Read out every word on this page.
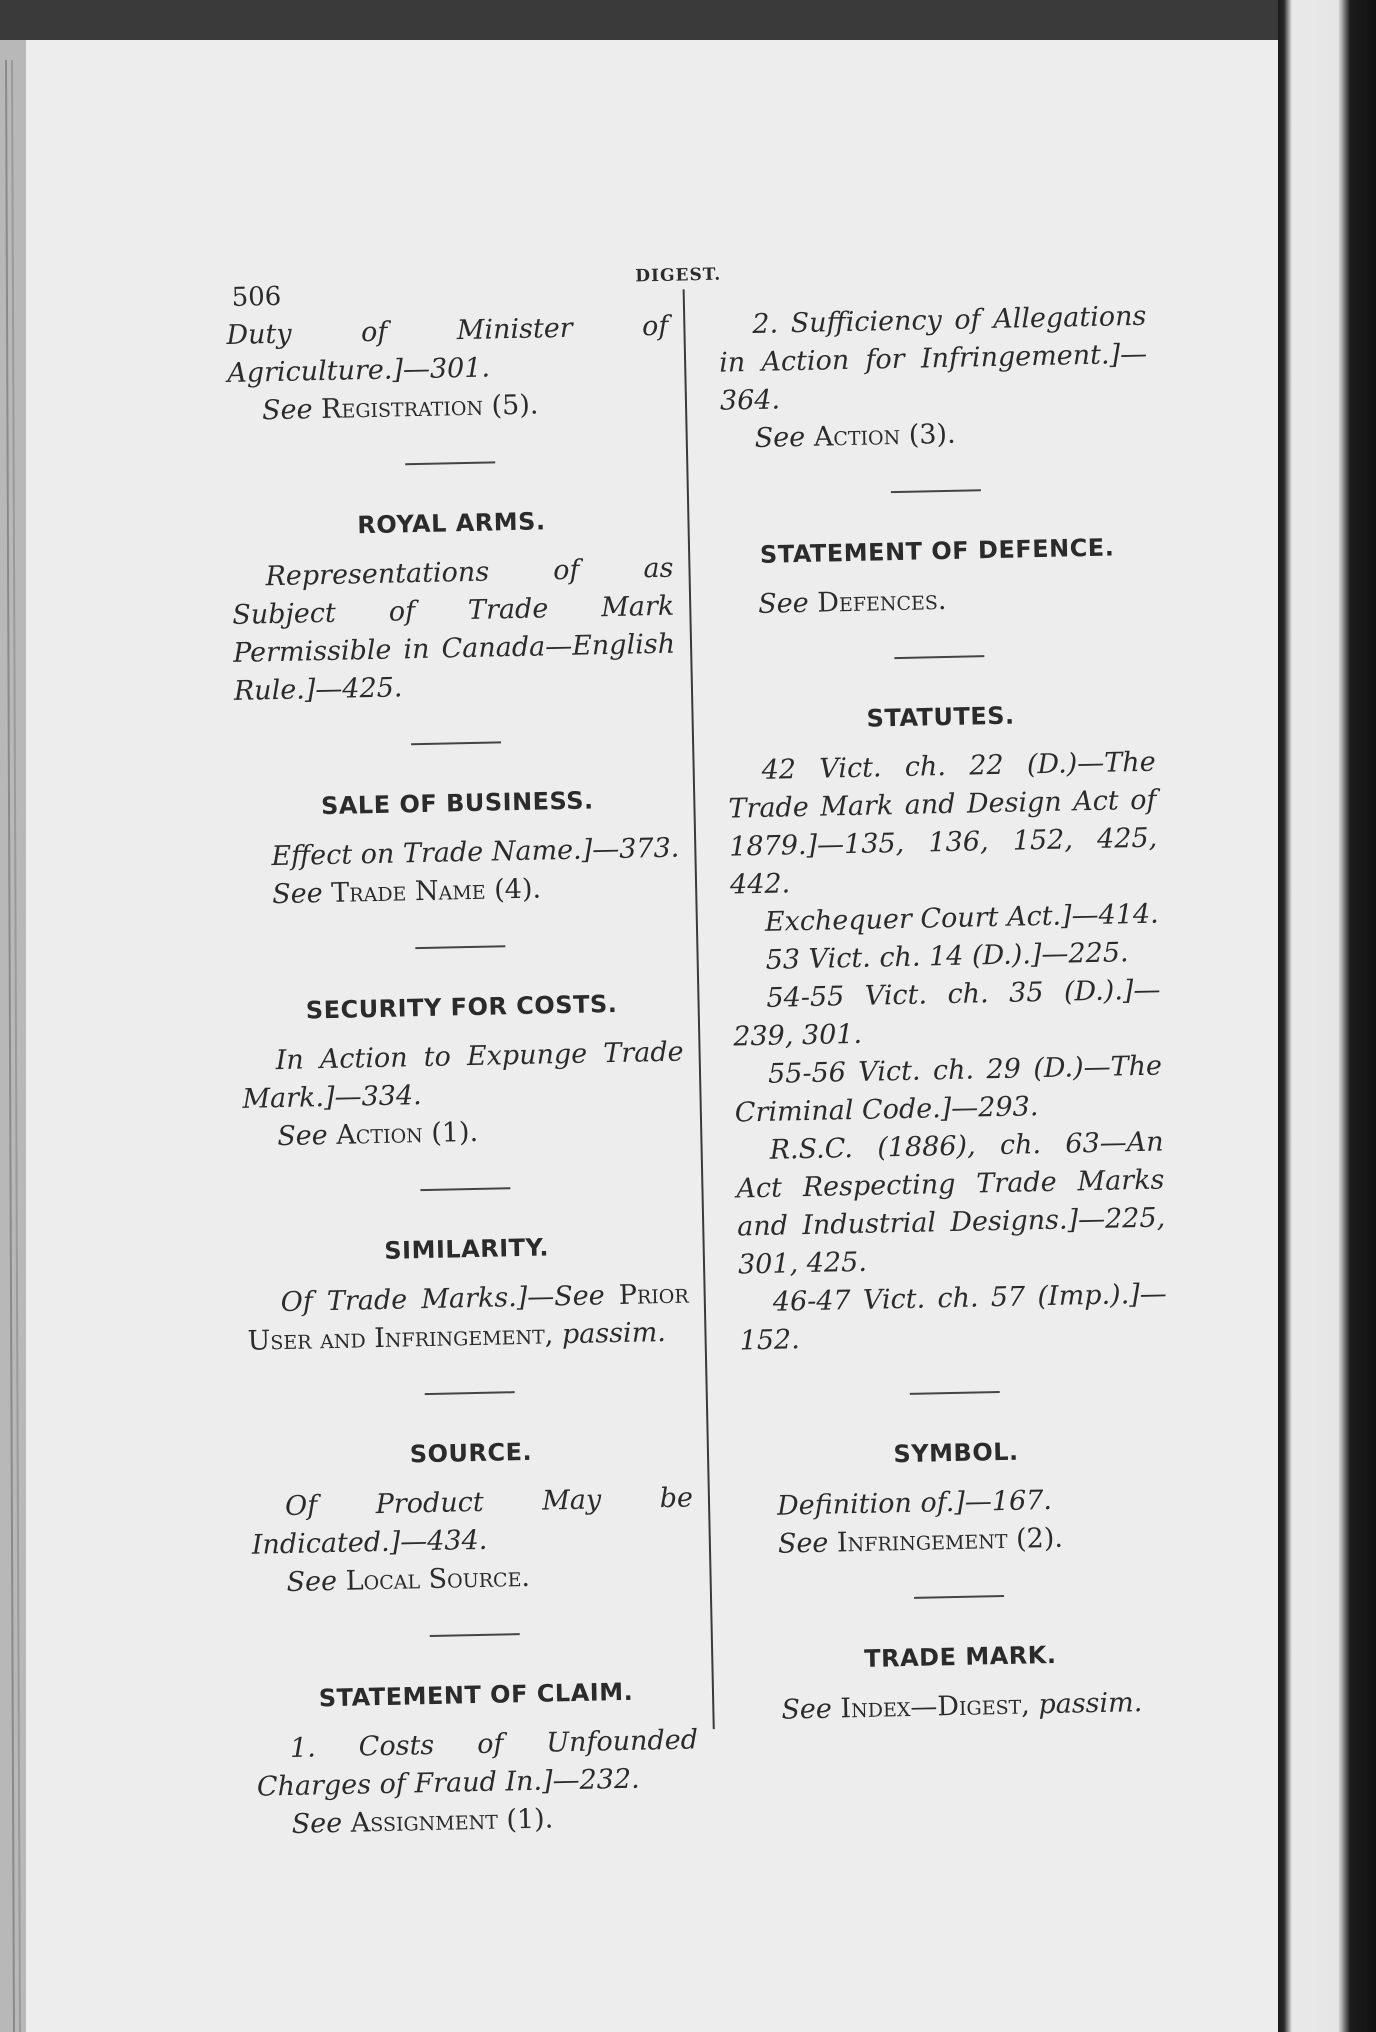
506
DIGEST.

Duty of Minister of Agriculture.]—301.

See Registration (5).
ROYAL ARMS.

Representations of as Subject of Trade Mark Permissible in Canada—English Rule.]—425.

SALE OF BUSINESS.

Effect on Trade Name.]—373.

See Trade Name (4).
SECURITY FOR COSTS.

In Action to Expunge Trade Mark.]—334.

See Action (1).
SIMILARITY.

Of Trade Marks.]—See Prior User and Infringement, passim.

SOURCE.

Of Product May be Indicated.]—434.

See Local Source.
STATEMENT OF CLAIM.

1. Costs of Unfounded Charges of Fraud In.]—232.

See Assignment (1).

2. Sufficiency of Allegations in Action for Infringement.]—364.

See Action (3).
STATEMENT OF DEFENCE.
See Defences.
STATUTES.

42 Vict. ch. 22 (D.)—The Trade Mark and Design Act of 1879.]—135, 136, 152, 425, 442.

Exchequer Court Act.]—414.

53 Vict. ch. 14 (D.).]—225.

54-55 Vict. ch. 35 (D.).]—239, 301.

55-56 Vict. ch. 29 (D.)—The Criminal Code.]—293.

R.S.C. (1886), ch. 63—An Act Respecting Trade Marks and Industrial Designs.]—225, 301, 425.

46-47 Vict. ch. 57 (Imp.).]—152.

SYMBOL.

Definition of.]—167.

See Infringement (2).
TRADE MARK.
See Index—Digest, passim.
